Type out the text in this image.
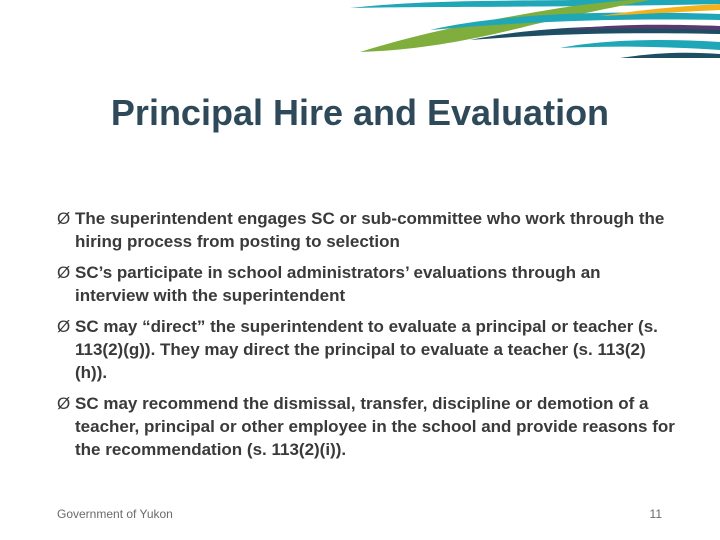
Principal Hire and Evaluation
Ø The superintendent engages SC or sub-committee who work through the hiring process from posting to selection
Ø SC’s participate in school administrators’ evaluations through an interview with the superintendent
Ø SC may “direct” the superintendent to evaluate a principal or teacher (s. 113(2)(g)). They may direct the principal to evaluate a teacher (s. 113(2)(h)).
Ø SC may recommend the dismissal, transfer, discipline or demotion of a teacher, principal or other employee in the school and provide reasons for the recommendation (s. 113(2)(i)).
Government of Yukon	11
